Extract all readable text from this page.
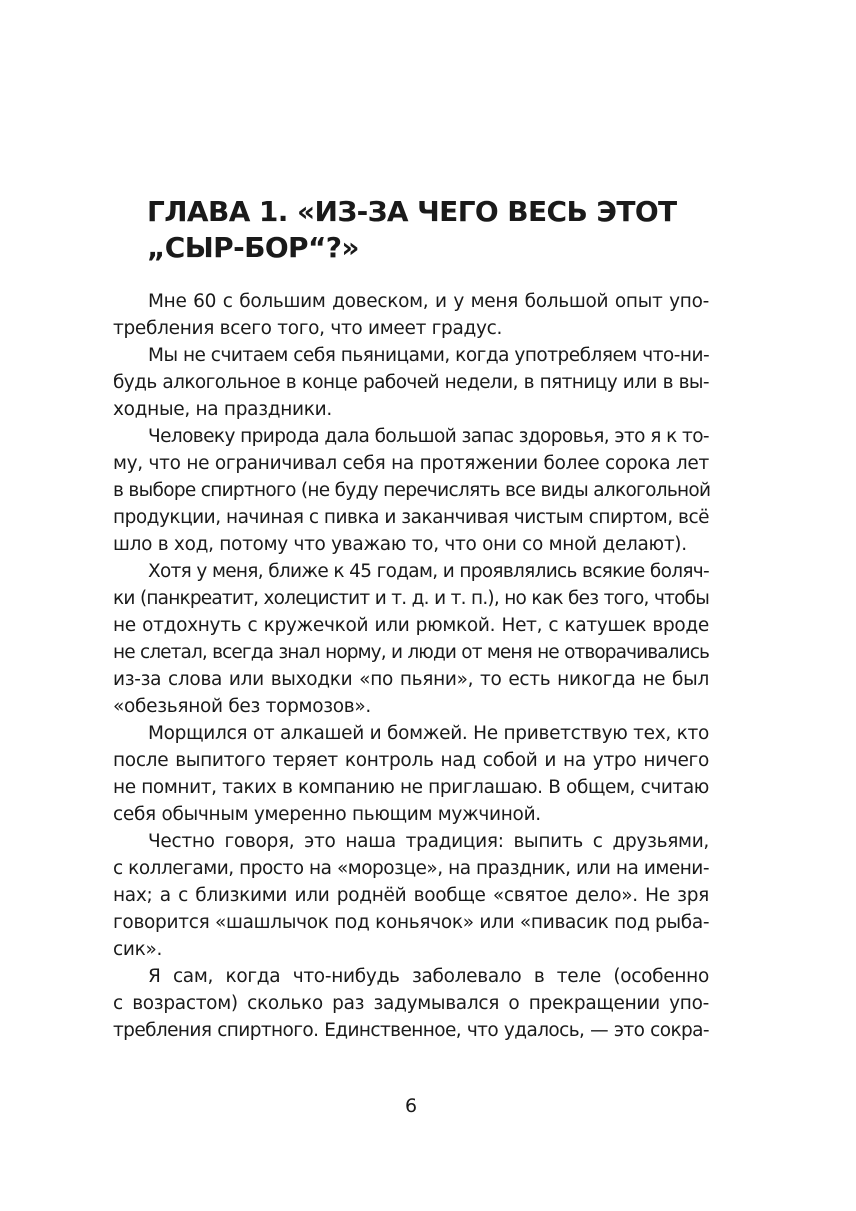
ГЛАВА 1. «ИЗ-ЗА ЧЕГО ВЕСЬ ЭТОТ
„СЫР-БОР“?»
Мне 60 с большим довеском, и у меня большой опыт упо-
требления всего того, что имеет градус.
Мы не считаем себя пьяницами, когда употребляем что-ни-
будь алкогольное в конце рабочей недели, в пятницу или в вы-
ходные, на праздники.
Человеку природа дала большой запас здоровья, это я к то-
му, что не ограничивал себя на протяжении более сорока лет
в выборе спиртного (не буду перечислять все виды алкогольной
продукции, начиная с пивка и заканчивая чистым спиртом, всё
шло в ход, потому что уважаю то, что они со мной делают).
Хотя у меня, ближе к 45 годам, и проявлялись всякие боляч-
ки (панкреатит, холецистит и т. д. и т. п.), но как без того, чтобы
не отдохнуть с кружечкой или рюмкой. Нет, с катушек вроде
не слетал, всегда знал норму, и люди от меня не отворачивались
из-за слова или выходки «по пьяни», то есть никогда не был
«обезьяной без тормозов».
Морщился от алкашей и бомжей. Не приветствую тех, кто
после выпитого теряет контроль над собой и на утро ничего
не помнит, таких в компанию не приглашаю. В общем, считаю
себя обычным умеренно пьющим мужчиной.
Честно говоря, это наша традиция: выпить с друзьями,
с коллегами, просто на «морозце», на праздник, или на имени-
нах; а с близкими или роднёй вообще «святое дело». Не зря
говорится «шашлычок под коньячок» или «пивасик под рыба-
сик».
Я сам, когда что-нибудь заболевало в теле (особенно
с возрастом) сколько раз задумывался о прекращении упо-
требления спиртного. Единственное, что удалось, — это сокра-
6
